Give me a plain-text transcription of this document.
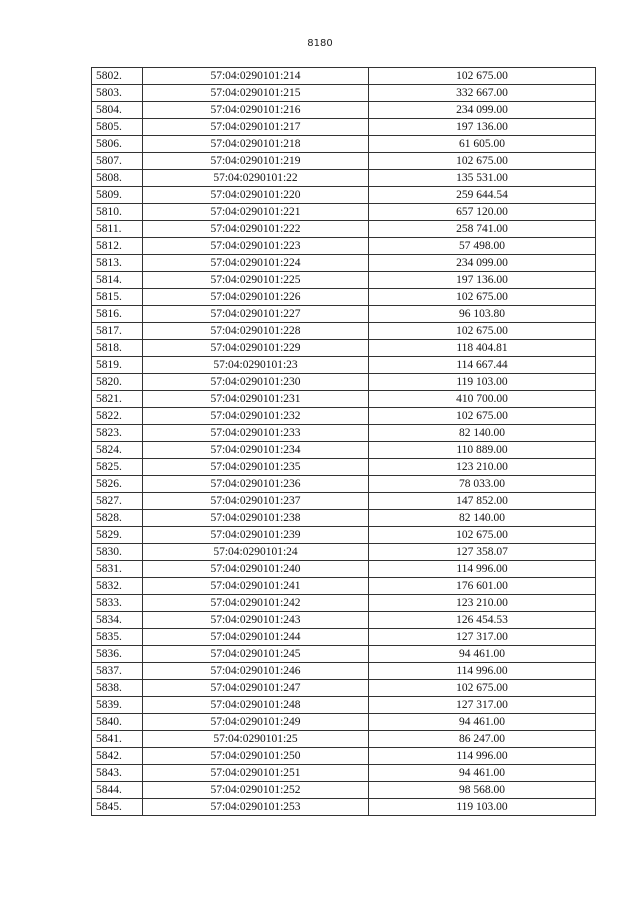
8180
5802.	57:04:0290101:214	102 675.00
5803.	57:04:0290101:215	332 667.00
5804.	57:04:0290101:216	234 099.00
5805.	57:04:0290101:217	197 136.00
5806.	57:04:0290101:218	61 605.00
5807.	57:04:0290101:219	102 675.00
5808.	57:04:0290101:22	135 531.00
5809.	57:04:0290101:220	259 644.54
5810.	57:04:0290101:221	657 120.00
5811.	57:04:0290101:222	258 741.00
5812.	57:04:0290101:223	57 498.00
5813.	57:04:0290101:224	234 099.00
5814.	57:04:0290101:225	197 136.00
5815.	57:04:0290101:226	102 675.00
5816.	57:04:0290101:227	96 103.80
5817.	57:04:0290101:228	102 675.00
5818.	57:04:0290101:229	118 404.81
5819.	57:04:0290101:23	114 667.44
5820.	57:04:0290101:230	119 103.00
5821.	57:04:0290101:231	410 700.00
5822.	57:04:0290101:232	102 675.00
5823.	57:04:0290101:233	82 140.00
5824.	57:04:0290101:234	110 889.00
5825.	57:04:0290101:235	123 210.00
5826.	57:04:0290101:236	78 033.00
5827.	57:04:0290101:237	147 852.00
5828.	57:04:0290101:238	82 140.00
5829.	57:04:0290101:239	102 675.00
5830.	57:04:0290101:24	127 358.07
5831.	57:04:0290101:240	114 996.00
5832.	57:04:0290101:241	176 601.00
5833.	57:04:0290101:242	123 210.00
5834.	57:04:0290101:243	126 454.53
5835.	57:04:0290101:244	127 317.00
5836.	57:04:0290101:245	94 461.00
5837.	57:04:0290101:246	114 996.00
5838.	57:04:0290101:247	102 675.00
5839.	57:04:0290101:248	127 317.00
5840.	57:04:0290101:249	94 461.00
5841.	57:04:0290101:25	86 247.00
5842.	57:04:0290101:250	114 996.00
5843.	57:04:0290101:251	94 461.00
5844.	57:04:0290101:252	98 568.00
5845.	57:04:0290101:253	119 103.00
